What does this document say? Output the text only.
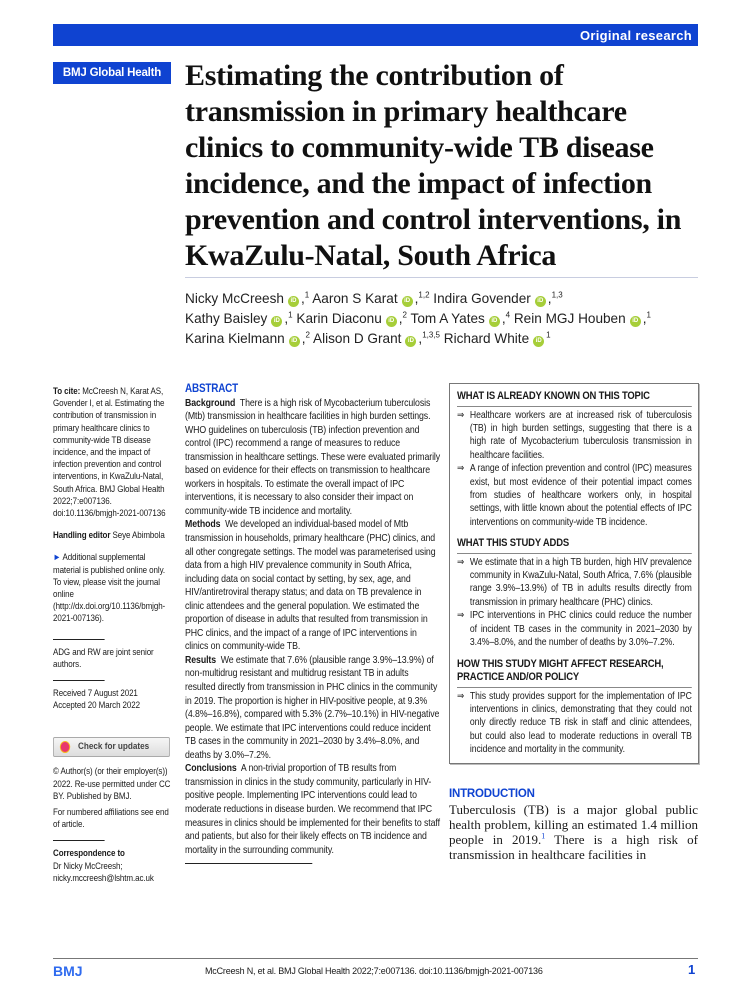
Original research
BMJ Global Health Estimating the contribution of transmission in primary healthcare clinics to community-wide TB disease incidence, and the impact of infection prevention and control interventions, in KwaZulu-Natal, South Africa
Nicky McCreesh iD ,$^1$ Aaron S Karat iD ,$^{1,2}$ Indira Govender iD ,$^{1,3}$
Kathy Baisley iD ,$^1$ Karin Diaconu iD ,$^2$ Tom A Yates iD ,$^4$ Rein MGJ Houben iD ,$^1$
Karina Kielmann iD ,$^2$ Alison D Grant iD ,$^{1,3,5}$ Richard White $iD^1$
To cite: McCreesh N, Karat AS, Govender I, et al. Estimating the contribution of transmission in primary healthcare clinics to community-wide TB disease incidence, and the impact of infection prevention and control interventions, in KwaZulu-Natal, South Africa. BMJ Global Health 2022;7:e007136. doi:10.1136/bmjgh-2021-007136
Handling editor Seye Abimbola
► Additional supplemental material is published online only. To view, please visit the journal online (http://dx.doi.org/10.1136/bmjgh-2021-007136).
ADG and RW are joint senior authors.
Received 7 August 2021
Accepted 20 March 2022
Check for updates
© Author(s) (or their employer(s)) 2022. Re-use permitted under CC BY. Published by BMJ.
For numbered affiliations see end of article.
Correspondence to
Dr Nicky McCreesh;
nicky.mccreesh@lshtm.ac.uk
ABSTRACT

Background There is a high risk of Mycobacterium tuberculosis (Mtb) transmission in healthcare facilities in high burden settings. WHO guidelines on tuberculosis (TB) infection prevention and control (IPC) recommend a range of measures to reduce transmission in healthcare settings. These were evaluated primarily based on evidence for their effects on transmission to healthcare workers in hospitals. To estimate the overall impact of IPC interventions, it is necessary to also consider their impact on community-wide TB incidence and mortality.

Methods We developed an individual-based model of Mtb transmission in households, primary healthcare (PHC) clinics, and all other congregate settings. The model was parameterised using data from a high HIV prevalence community in South Africa, including data on social contact by setting, by sex, age, and HIV/antiretroviral therapy status; and data on TB prevalence in clinic attendees and the general population. We estimated the proportion of disease in adults that resulted from transmission in PHC clinics, and the impact of a range of IPC interventions in clinics on community-wide TB.

Results We estimate that 7.6% (plausible range 3.9%–13.9%) of non-multidrug resistant and multidrug resistant TB in adults resulted directly from transmission in PHC clinics in the community in 2019. The proportion is higher in HIV-positive people, at 9.3% (4.8%–16.8%), compared with 5.3% (2.7%–10.1%) in HIV-negative people. We estimate that IPC interventions could reduce incident TB cases in the community in 2021–2030 by 3.4%–8.0%, and deaths by 3.0%–7.2%.

Conclusions A non-trivial proportion of TB results from transmission in clinics in the study community, particularly in HIV-positive people. Implementing IPC interventions could lead to moderate reductions in disease burden. We recommend that IPC measures in clinics should be implemented for their benefits to staff and patients, but also for their likely effects on TB incidence and mortality in the surrounding community.

WHAT IS ALREADY KNOWN ON THIS TOPIC
⇒ Healthcare workers are at increased risk of tuberculosis (TB) in high burden settings, suggesting that there is a high rate of Mycobacterium tuberculosis transmission in healthcare facilities.
⇒ A range of infection prevention and control (IPC) measures exist, but most evidence of their potential impact comes from studies of healthcare workers only, in hospital settings, with little known about the potential effects of IPC interventions on community-wide TB incidence.
WHAT THIS STUDY ADDS
⇒ We estimate that in a high TB burden, high HIV prevalence community in KwaZulu-Natal, South Africa, 7.6% (plausible range 3.9%–13.9%) of TB in adults results directly from transmission in primary healthcare (PHC) clinics.
⇒ IPC interventions in PHC clinics could reduce the number of incident TB cases in the community in 2021–2030 by 3.4%–8.0%, and the number of deaths by 3.0%–7.2%.
HOW THIS STUDY MIGHT AFFECT RESEARCH, PRACTICE AND/OR POLICY
⇒ This study provides support for the implementation of IPC interventions in clinics, demonstrating that they could not only directly reduce TB risk in staff and clinic attendees, but could also lead to moderate reductions in overall TB incidence and mortality in the community.
INTRODUCTION
Tuberculosis (TB) is a major global public health problem, killing an estimated 1.4 million people in 2019.$^1$ There is a high risk of transmission in healthcare facilities in
BMJ	McCreesh N, et al. BMJ Global Health 2022;7:e007136. doi:10.1136/bmjgh-2021-007136	1
